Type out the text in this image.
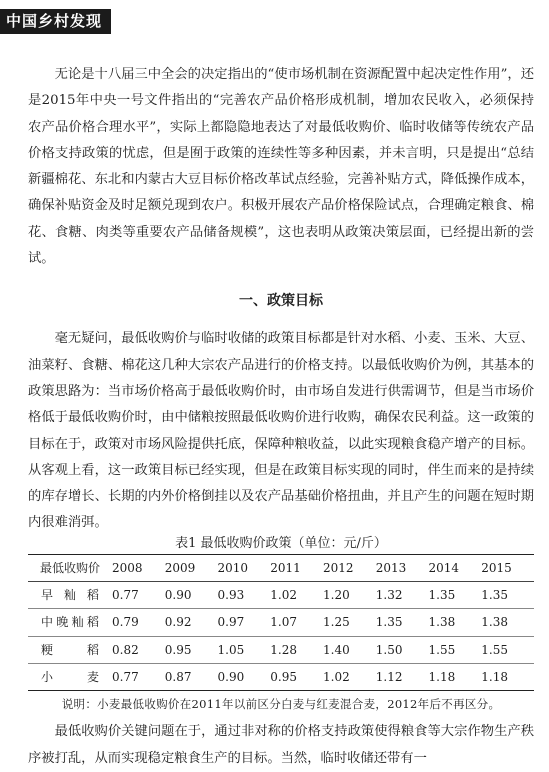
中国乡村发现

无论是十八届三中全会的决定指出的“使市场机制在资源配置中起决定性作用”，还是2015年中央一号文件指出的“完善农产品价格形成机制，增加农民收入，必须保持农产品价格合理水平”，实际上都隐隐地表达了对最低收购价、临时收储等传统农产品价格支持政策的忧虑，但是囿于政策的连续性等多种因素，并未言明，只是提出“总结新疆棉花、东北和内蒙古大豆目标价格改革试点经验，完善补贴方式，降低操作成本，确保补贴资金及时足额兑现到农户。积极开展农产品价格保险试点，合理确定粮食、棉花、食糖、肉类等重要农产品储备规模”，这也表明从政策决策层面，已经提出新的尝试。

一、政策目标

毫无疑问，最低收购价与临时收储的政策目标都是针对水稻、小麦、玉米、大豆、油菜籽、食糖、棉花这几种大宗农产品进行的价格支持。以最低收购价为例，其基本的政策思路为：当市场价格高于最低收购价时，由市场自发进行供需调节，但是当市场价格低于最低收购价时，由中储粮按照最低收购价进行收购，确保农民利益。这一政策的目标在于，政策对市场风险提供托底，保障种粮收益，以此实现粮食稳产增产的目标。从客观上看，这一政策目标已经实现，但是在政策目标实现的同时，伴生而来的是持续的库存增长、长期的内外价格倒挂以及农产品基础价格扭曲，并且产生的问题在短时期内很难消弭。

表1 最低收购价政策（单位：元/斤）
最低收购价	2008	2009	2010	2011	2012	2013	2014	2015

早籼稻	0.77	0.90	0.93	1.02	1.20	1.32	1.35	1.35

中晚籼稻	0.79	0.92	0.97	1.07	1.25	1.35	1.38	1.38

粳稻	0.82	0.95	1.05	1.28	1.40	1.50	1.55	1.55

小麦	0.77	0.87	0.90	0.95	1.02	1.12	1.18	1.18
说明：小麦最低收购价在2011年以前区分白麦与红麦混合麦，2012年后不再区分。

最低收购价关键问题在于，通过非对称的价格支持政策使得粮食等大宗作物生产秩序被打乱，从而实现稳定粮食生产的目标。当然，临时收储还带有一
